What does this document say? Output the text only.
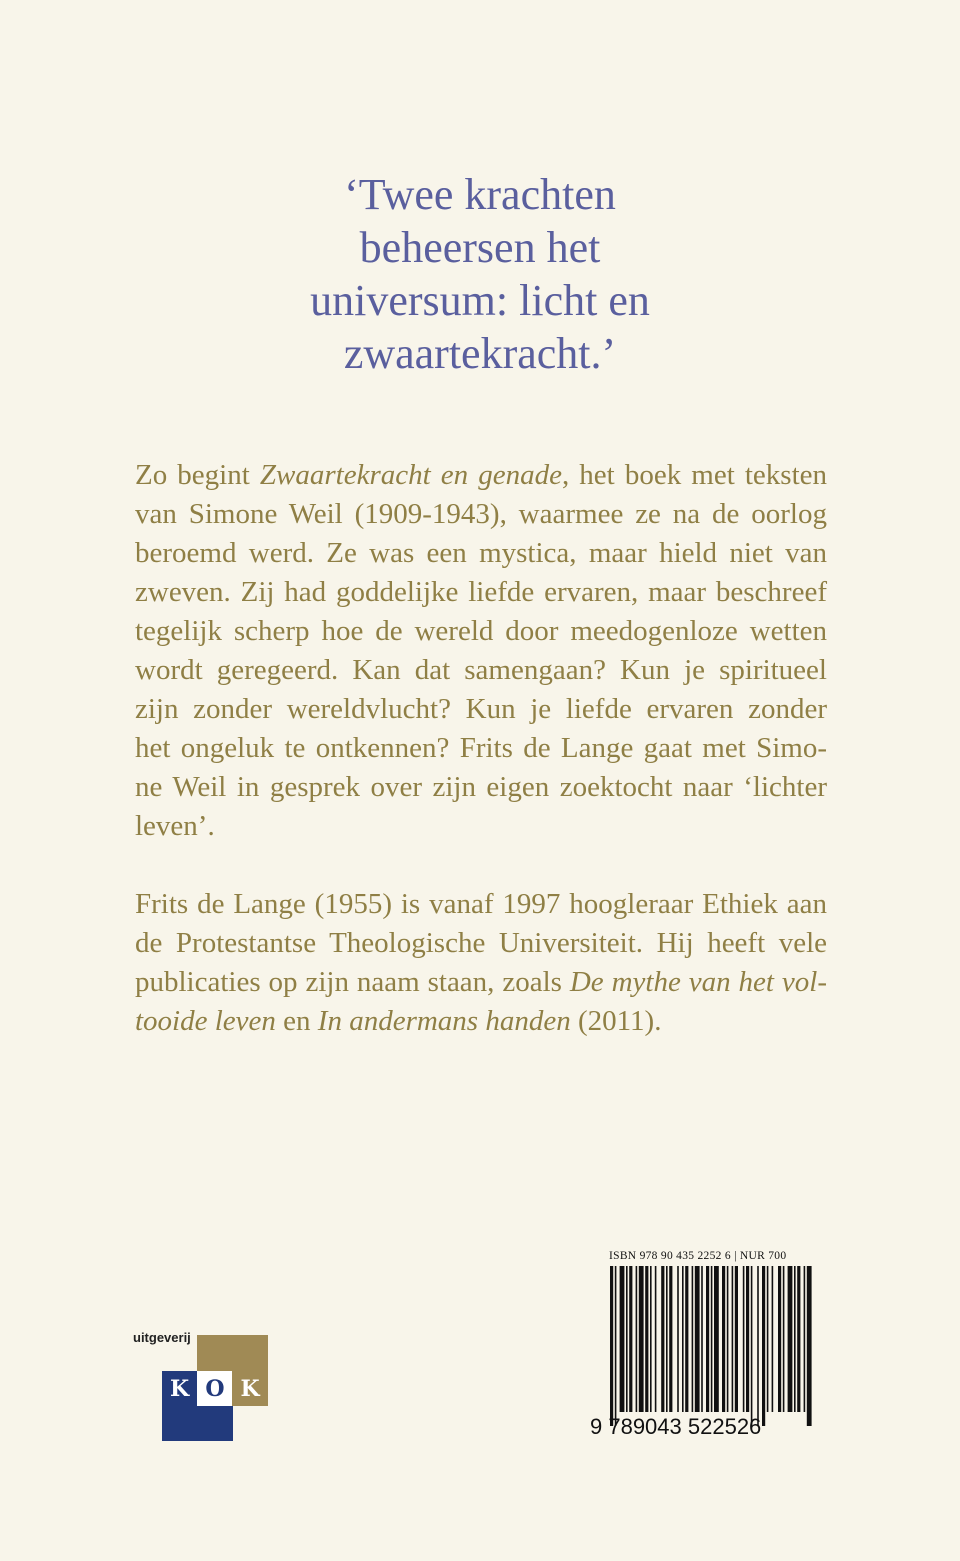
‘Twee krachten
beheersen het
universum: licht en
zwaartekracht.’
Zo begint Zwaartekracht en genade, het boek met teksten
van Simone Weil (1909-1943), waarmee ze na de oorlog
beroemd werd. Ze was een mystica, maar hield niet van
zweven. Zij had goddelijke liefde ervaren, maar beschreef
tegelijk scherp hoe de wereld door meedogenloze wetten
wordt geregeerd. Kan dat samengaan? Kun je spiritueel
zijn zonder wereldvlucht? Kun je liefde ervaren zonder
het ongeluk te ontkennen? Frits de Lange gaat met Simo-
ne Weil in gesprek over zijn eigen zoektocht naar ‘lichter
leven’.
Frits de Lange (1955) is vanaf 1997 hoogleraar Ethiek aan
de Protestantse Theologische Universiteit. Hij heeft vele
publicaties op zijn naam staan, zoals De mythe van het vol-
tooide leven en In andermans handen (2011).
ISBN 978 90 435 2252 6 | NUR 700
9 789043 522526
uitgeverij
K O K
